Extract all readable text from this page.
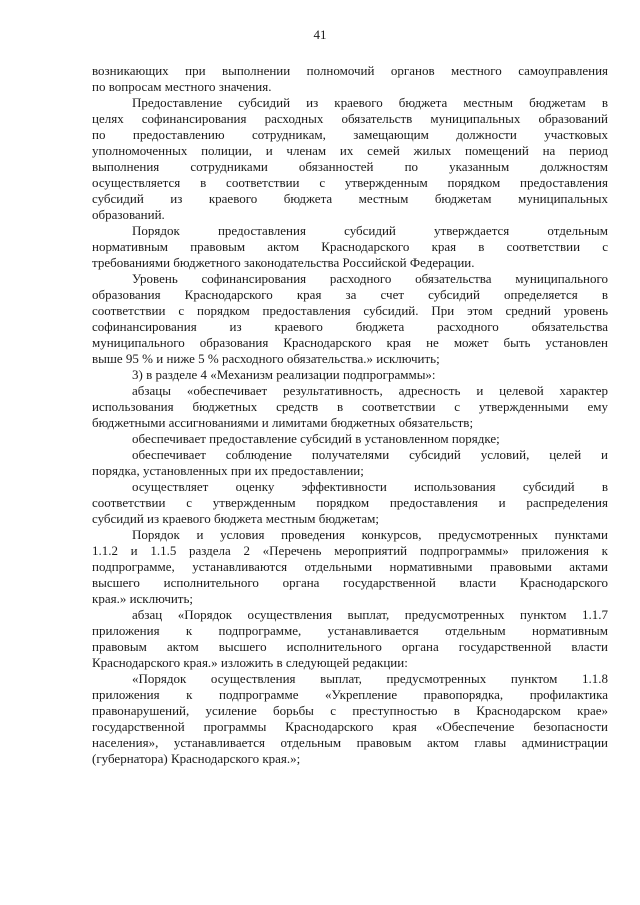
41

возникающих при выполнении полномочий органов местного самоуправления
по вопросам местного значения.

Предоставление субсидий из краевого бюджета местным бюджетам в
целях софинансирования расходных обязательств муниципальных образований
по предоставлению сотрудникам, замещающим должности участковых
уполномоченных полиции, и членам их семей жилых помещений на период
выполнения сотрудниками обязанностей по указанным должностям
осуществляется в соответствии с утвержденным порядком предоставления
субсидий из краевого бюджета местным бюджетам муниципальных
образований.

Порядок предоставления субсидий утверждается отдельным
нормативным правовым актом Краснодарского края в соответствии с
требованиями бюджетного законодательства Российской Федерации.

Уровень софинансирования расходного обязательства муниципального
образования Краснодарского края за счет субсидий определяется в
соответствии с порядком предоставления субсидий. При этом средний уровень
софинансирования из краевого бюджета расходного обязательства
муниципального образования Краснодарского края не может быть установлен
выше 95 % и ниже 5 % расходного обязательства.» исключить;

3) в разделе 4 «Механизм реализации подпрограммы»:

абзацы «обеспечивает результативность, адресность и целевой характер
использования бюджетных средств в соответствии с утвержденными ему
бюджетными ассигнованиями и лимитами бюджетных обязательств;

обеспечивает предоставление субсидий в установленном порядке;

обеспечивает соблюдение получателями субсидий условий, целей и
порядка, установленных при их предоставлении;

осуществляет оценку эффективности использования субсидий в
соответствии с утвержденным порядком предоставления и распределения
субсидий из краевого бюджета местным бюджетам;

Порядок и условия проведения конкурсов, предусмотренных пунктами
1.1.2 и 1.1.5 раздела 2 «Перечень мероприятий подпрограммы» приложения к
подпрограмме, устанавливаются отдельными нормативными правовыми актами
высшего исполнительного органа государственной власти Краснодарского
края.» исключить;

абзац «Порядок осуществления выплат, предусмотренных пунктом 1.1.7
приложения к подпрограмме, устанавливается отдельным нормативным
правовым актом высшего исполнительного органа государственной власти
Краснодарского края.» изложить в следующей редакции:

«Порядок осуществления выплат, предусмотренных пунктом 1.1.8
приложения к подпрограмме «Укрепление правопорядка, профилактика
правонарушений, усиление борьбы с преступностью в Краснодарском крае»
государственной программы Краснодарского края «Обеспечение безопасности
населения», устанавливается отдельным правовым актом главы администрации
(губернатора) Краснодарского края.»;
